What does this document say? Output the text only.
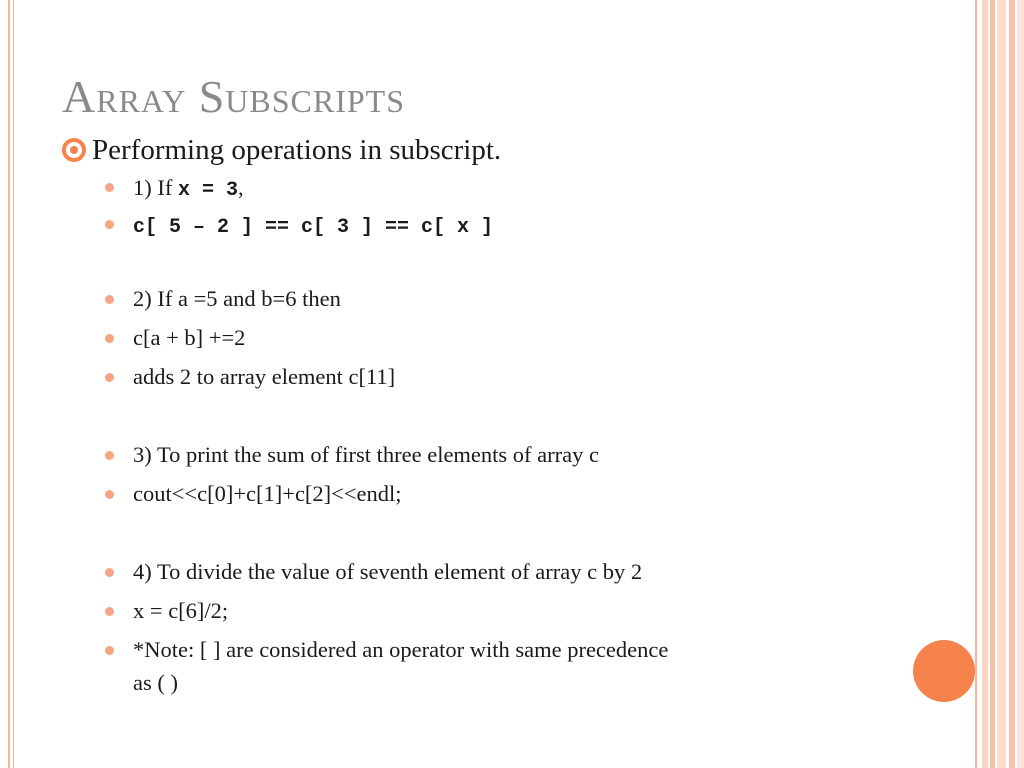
Array Subscripts
Performing operations in subscript.
1) If x = 3,
c[ 5 – 2 ] == c[ 3 ] == c[ x ]
2) If a =5 and b=6 then
c[a + b] +=2
adds 2 to array element c[11]
3) To print the sum of first three elements of array c
cout<<c[0]+c[1]+c[2]<<endl;
4) To divide the value of seventh element of array c by 2
x = c[6]/2;
*Note: [ ] are considered an operator with same precedence
as ( )
